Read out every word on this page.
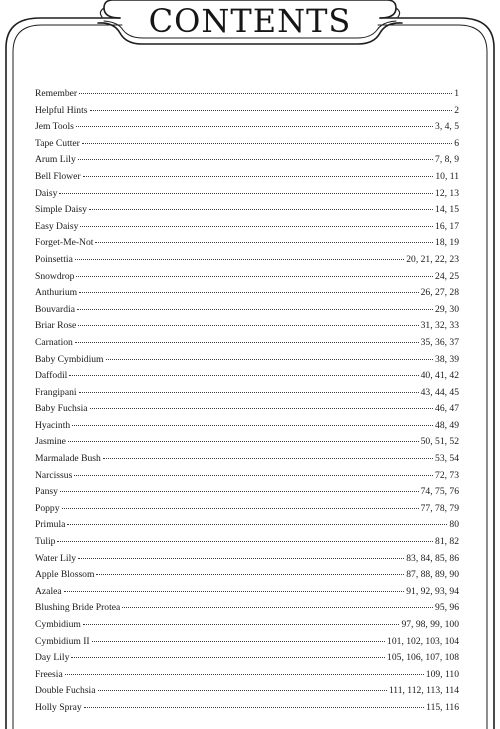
CONTENTS
Remember	1
Helpful Hints	2
Jem Tools	3, 4, 5
Tape Cutter	6
Arum Lily	7, 8, 9
Bell Flower	10, 11
Daisy	12, 13
Simple Daisy	14, 15
Easy Daisy	16, 17
Forget-Me-Not	18, 19
Poinsettia	20, 21, 22, 23
Snowdrop	24, 25
Anthurium	26, 27, 28
Bouvardia	29, 30
Briar Rose	31, 32, 33
Carnation	35, 36, 37
Baby Cymbidium	38, 39
Daffodil	40, 41, 42
Frangipani	43, 44, 45
Baby Fuchsia	46, 47
Hyacinth	48, 49
Jasmine	50, 51, 52
Marmalade Bush	53, 54
Narcissus	72, 73
Pansy	74, 75, 76
Poppy	77, 78, 79
Primula	80
Tulip	81, 82
Water Lily	83, 84, 85, 86
Apple Blossom	87, 88, 89, 90
Azalea	91, 92, 93, 94
Blushing Bride Protea	95, 96
Cymbidium	97, 98, 99, 100
Cymbidium II	101, 102, 103, 104
Day Lily	105, 106, 107, 108
Freesia	109, 110
Double Fuchsia	111, 112, 113, 114
Holly Spray	115, 116
